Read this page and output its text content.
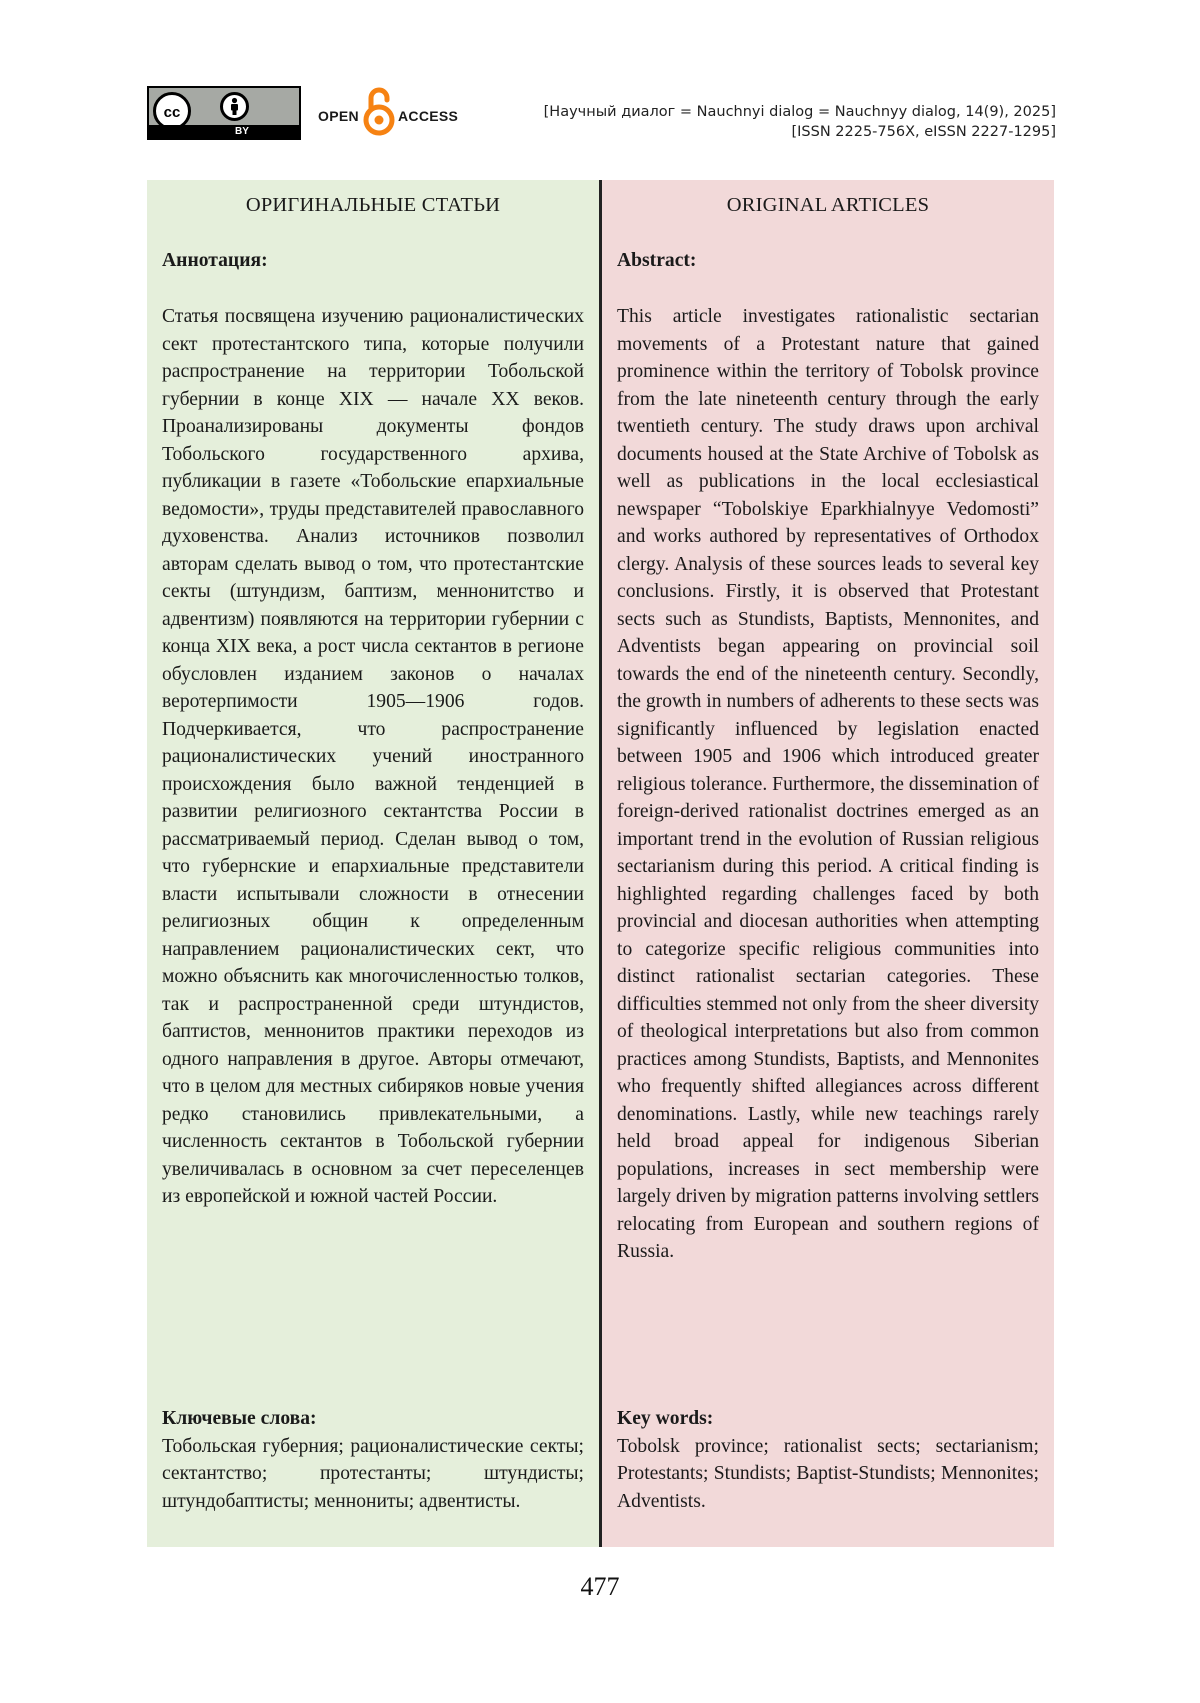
cc
BY
OPEN	ACCESS	[Научный диалог = Nauchnyi dialog = Nauchnyy dialog, 14(9), 2025]
[ISSN 2225-756X, eISSN 2227-1295]
ОРИГИНАЛЬНЫЕ СТАТЬИ
Аннотация:
Статья посвящена изучению рационалистических сект протестантского типа, которые получили распространение на территории Тобольской губернии в конце XIX — начале XX веков. Проанализированы документы фондов Тобольского государственного архива, публикации в газете «Тобольские епархиальные ведомости», труды представителей православного духовенства. Анализ источников позволил авторам сделать вывод о том, что протестантские секты (штундизм, баптизм, меннонитство и адвентизм) появляются на территории губернии с конца XIX века, а рост числа сектантов в регионе обусловлен изданием законов о началах веротерпимости 1905—1906 годов. Подчеркивается, что распространение рационалистических учений иностранного происхождения было важной тенденцией в развитии религиозного сектантства России в рассматриваемый период. Сделан вывод о том, что губернские и епархиальные представители власти испытывали сложности в отнесении религиозных общин к определенным направлением рационалистических сект, что можно объяснить как многочисленностью толков, так и распространенной среди штундистов, баптистов, меннонитов практики переходов из одного направления в другое. Авторы отмечают, что в целом для местных сибиряков новые учения редко становились привлекательными, а численность сектантов в Тобольской губернии увеличивалась в основном за счет переселенцев из европейской и южной частей России.
Ключевые слова:
Тобольская губерния; рационалистические секты; сектантство; протестанты; штундисты; штундобаптисты; меннониты; адвентисты.
ORIGINAL ARTICLES
Abstract:
This article investigates rationalistic sectarian movements of a Protestant nature that gained prominence within the territory of Tobolsk province from the late nineteenth century through the early twentieth century. The study draws upon archival documents housed at the State Archive of Tobolsk as well as publications in the local ecclesiastical newspaper “Tobolskiye Eparkhialnyye Vedomosti” and works authored by representatives of Orthodox clergy. Analysis of these sources leads to several key conclusions. Firstly, it is observed that Protestant sects such as Stundists, Baptists, Mennonites, and Adventists began appearing on provincial soil towards the end of the nineteenth century. Secondly, the growth in numbers of adherents to these sects was significantly influenced by legislation enacted between 1905 and 1906 which introduced greater religious tolerance. Furthermore, the dissemination of foreign-derived rationalist doctrines emerged as an important trend in the evolution of Russian religious sectarianism during this period. A critical finding is highlighted regarding challenges faced by both provincial and diocesan authorities when attempting to categorize specific religious communities into distinct rationalist sectarian categories. These difficulties stemmed not only from the sheer diversity of theological interpretations but also from common practices among Stundists, Baptists, and Mennonites who frequently shifted allegiances across different denominations. Lastly, while new teachings rarely held broad appeal for indigenous Siberian populations, increases in sect membership were largely driven by migration patterns involving settlers relocating from European and southern regions of Russia.
Key words:
Tobolsk province; rationalist sects; sectarianism; Protestants; Stundists; Baptist-Stundists; Mennonites; Adventists.
477
